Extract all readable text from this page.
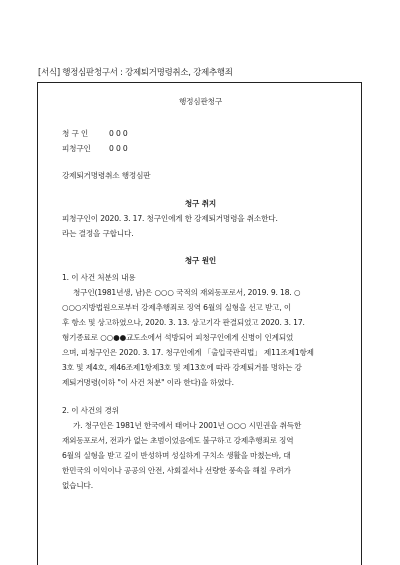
[서식] 행정심판청구서 : 강제퇴거명령취소, 강제추행죄
행정심판청구
청 구 인	0 0 0
피청구인 0 0 0
강제퇴거명령취소 행정심판
청구 취지
피청구인이 2020. 3. 17. 청구인에게 한 강제퇴거명령을 취소한다.
라는 결정을 구합니다.
청구 원인
1. 이 사건 처분의 내용
청구인(1981년생, 남)은 ○○○ 국적의 재외동포로서, 2019. 9. 18. ○
○○○지방법원으로부터 강제추행죄로 징역 6월의 실형을 선고 받고, 이
후 항소 및 상고하였으나, 2020. 3. 13. 상고기각 판결되었고 2020. 3. 17.
형기종료로 ○○●●교도소에서 석방되어 피청구인에게 신병이 인계되었
으며, 피청구인은 2020. 3. 17. 청구인에게 「출입국관리법」 제11조제1항제
3호 및 제4호, 제46조제1항제3호 및 제13호에 따라 강제퇴거를 명하는 강
제퇴거명령(이하 "이 사건 처분" 이라 한다)을 하였다.
2. 이 사건의 경위
가. 청구인은 1981년 한국에서 태어나 2001년 ○○○ 시민권을 취득한
재외동포로서, 전과가 없는 초범이었음에도 불구하고 강제추행죄로 징역
6월의 실형을 받고 깊이 반성하며 성실하게 구치소 생활을 마쳤는바, 대
한민국의 이익이나 공공의 안전, 사회질서나 선량한 풍속을 해칠 우려가
없습니다.
